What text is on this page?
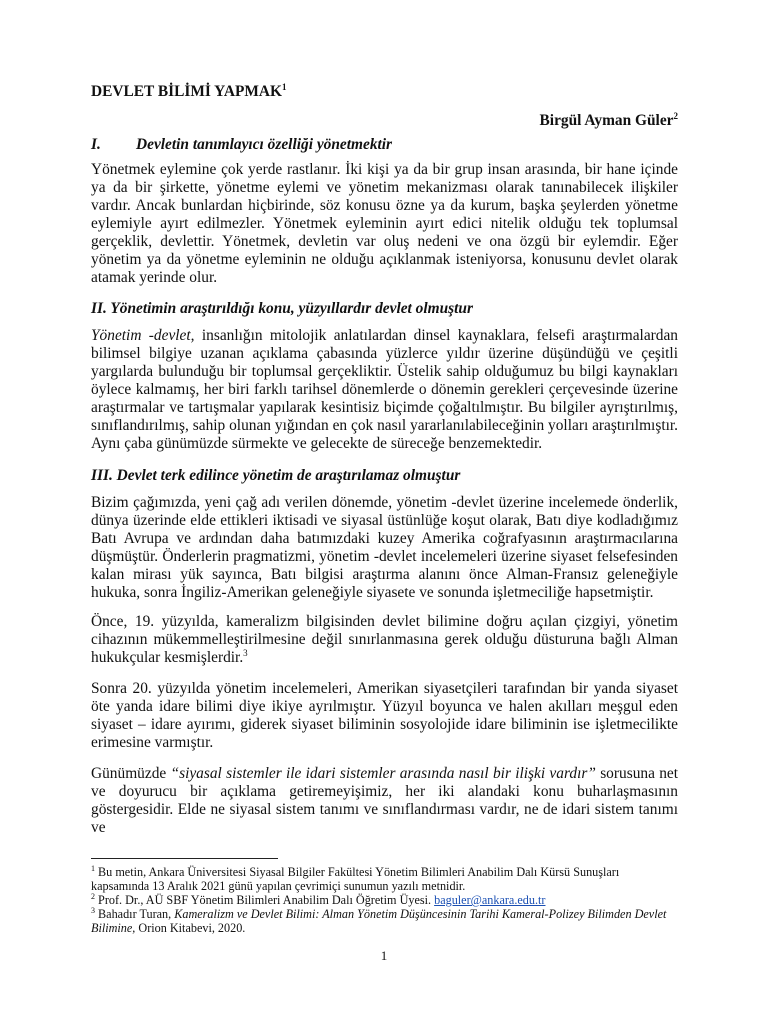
DEVLET BİLİMİ YAPMAK$^1$
Birgül Ayman Güler$^2$
I. Devletin tanımlayıcı özelliği yönetmektir

Yönetmek eylemine çok yerde rastlanır. İki kişi ya da bir grup insan arasında, bir hane içinde ya da bir şirkette, yönetme eylemi ve yönetim mekanizması olarak tanınabilecek ilişkiler vardır. Ancak bunlardan hiçbirinde, söz konusu özne ya da kurum, başka şeylerden yönetme eylemiyle ayırt edilmezler. Yönetmek eyleminin ayırt edici nitelik olduğu tek toplumsal gerçeklik, devlettir. Yönetmek, devletin var oluş nedeni ve ona özgü bir eylemdir. Eğer yönetim ya da yönetme eyleminin ne olduğu açıklanmak isteniyorsa, konusunu devlet olarak atamak yerinde olur.

II. Yönetimin araştırıldığı konu, yüzyıllardır devlet olmuştur

Yönetim -devlet, insanlığın mitolojik anlatılardan dinsel kaynaklara, felsefi araştırmalardan bilimsel bilgiye uzanan açıklama çabasında yüzlerce yıldır üzerine düşündüğü ve çeşitli yargılarda bulunduğu bir toplumsal gerçekliktir. Üstelik sahip olduğumuz bu bilgi kaynakları öylece kalmamış, her biri farklı tarihsel dönemlerde o dönemin gerekleri çerçevesinde üzerine araştırmalar ve tartışmalar yapılarak kesintisiz biçimde çoğaltılmıştır. Bu bilgiler ayrıştırılmış, sınıflandırılmış, sahip olunan yığından en çok nasıl yararlanılabileceğinin yolları araştırılmıştır. Aynı çaba günümüzde sürmekte ve gelecekte de süreceğe benzemektedir.

III. Devlet terk edilince yönetim de araştırılamaz olmuştur

Bizim çağımızda, yeni çağ adı verilen dönemde, yönetim -devlet üzerine incelemede önderlik, dünya üzerinde elde ettikleri iktisadi ve siyasal üstünlüğe koşut olarak, Batı diye kodladığımız Batı Avrupa ve ardından daha batımızdaki kuzey Amerika coğrafyasının araştırmacılarına düşmüştür. Önderlerin pragmatizmi, yönetim -devlet incelemeleri üzerine siyaset felsefesinden kalan mirası yük sayınca, Batı bilgisi araştırma alanını önce Alman-Fransız geleneğiyle hukuka, sonra İngiliz-Amerikan geleneğiyle siyasete ve sonunda işletmeciliğe hapsetmiştir.

Önce, 19. yüzyılda, kameralizm bilgisinden devlet bilimine doğru açılan çizgiyi, yönetim cihazının mükemmelleştirilmesine değil sınırlanmasına gerek olduğu düsturuna bağlı Alman hukukçular kesmişlerdir.$^3$

Sonra 20. yüzyılda yönetim incelemeleri, Amerikan siyasetçileri tarafından bir yanda siyaset öte yanda idare bilimi diye ikiye ayrılmıştır. Yüzyıl boyunca ve halen akılları meşgul eden siyaset – idare ayırımı, giderek siyaset biliminin sosyolojide idare biliminin ise işletmecilikte erimesine varmıştır.

Günümüzde “siyasal sistemler ile idari sistemler arasında nasıl bir ilişki vardır” sorusuna net ve doyurucu bir açıklama getiremeyişimiz, her iki alandaki konu buharlaşmasının göstergesidir. Elde ne siyasal sistem tanımı ve sınıflandırması vardır, ne de idari sistem tanımı ve

$^1$ Bu metin, Ankara Üniversitesi Siyasal Bilgiler Fakültesi Yönetim Bilimleri Anabilim Dalı Kürsü Sunuşları kapsamında 13 Aralık 2021 günü yapılan çevrimiçi sunumun yazılı metnidir.

$^2$ Prof. Dr., AÜ SBF Yönetim Bilimleri Anabilim Dalı Öğretim Üyesi. baguler@ankara.edu.tr

$^3$ Bahadır Turan, Kameralizm ve Devlet Bilimi: Alman Yönetim Düşüncesinin Tarihi Kameral-Polizey Bilimden Devlet Bilimine, Orion Kitabevi, 2020.

1
